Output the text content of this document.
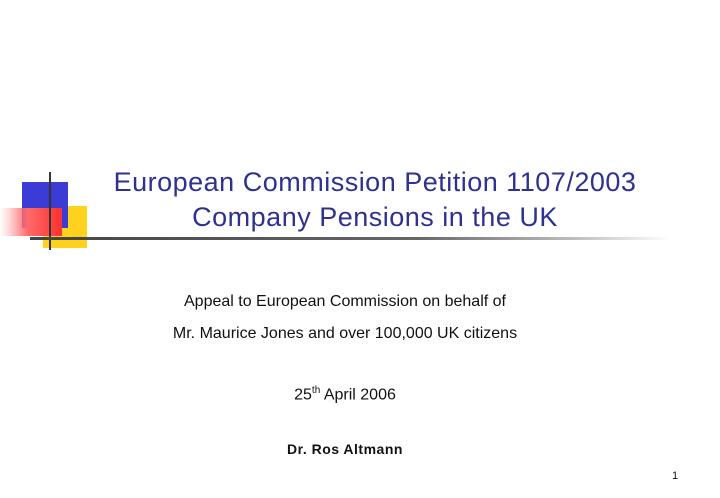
European Commission Petition 1107/2003
Company Pensions in the UK
Appeal to European Commission on behalf of
Mr. Maurice Jones and over 100,000 UK citizens
25th April 2006
Dr. Ros Altmann
1
